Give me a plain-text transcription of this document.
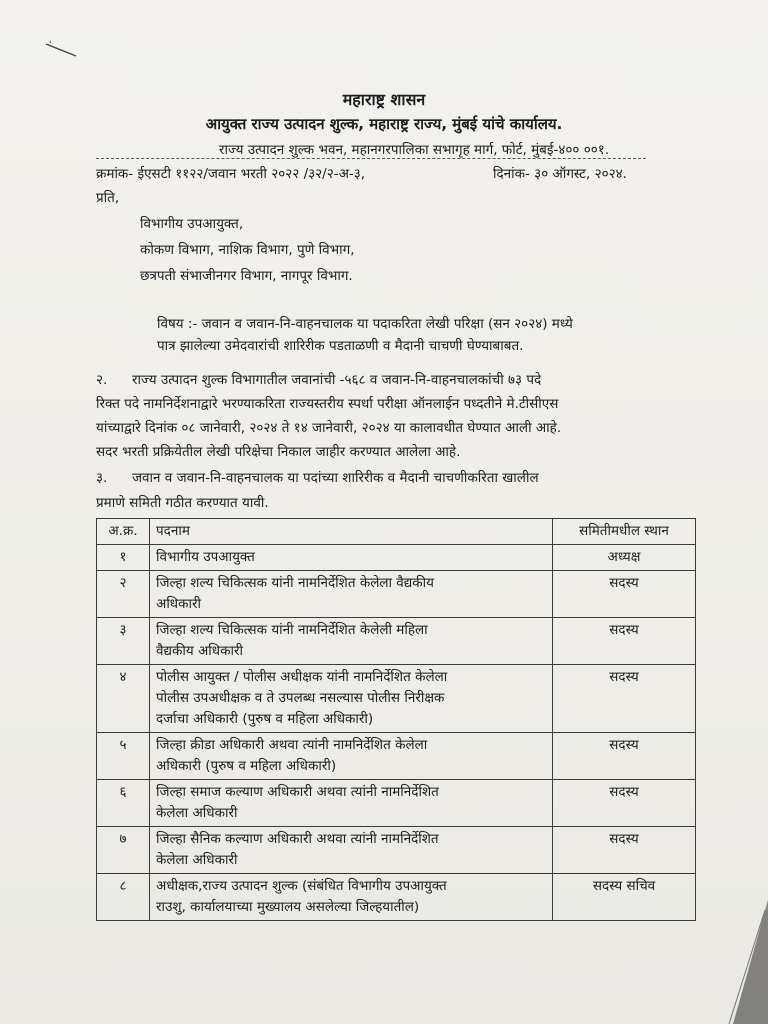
महाराष्ट्र शासन
आयुक्त राज्य उत्पादन शुल्क, महाराष्ट्र राज्य, मुंबई यांचे कार्यालय.
राज्य उत्पादन शुल्क भवन, महानगरपालिका सभागृह मार्ग, फोर्ट, मुंबई-४०० ००१.
क्रमांक- ईएसटी ११२२/जवान भरती २०२२ /३२/२-अ-३,	दिनांक- ३० ऑगस्ट, २०२४.
प्रति,
विभागीय उपआयुक्त,
कोकण विभाग, नाशिक विभाग, पुणे विभाग,
छत्रपती संभाजीनगर विभाग, नागपूर विभाग.
विषय :- जवान व जवान-नि-वाहनचालक या पदाकरिता लेखी परिक्षा (सन २०२४) मध्ये
पात्र झालेल्या उमेदवारांची शारिरीक पडताळणी व मैदानी चाचणी घेण्याबाबत.
२. राज्य उत्पादन शुल्क विभागातील जवानांची -५६८ व जवान-नि-वाहनचालकांची ७३ पदे
रिक्त पदे नामनिर्देशनाद्वारे भरण्याकरिता राज्यस्तरीय स्पर्धा परीक्षा ऑनलाईन पध्दतीने मे.टीसीएस
यांच्याद्वारे दिनांक ०८ जानेवारी, २०२४ ते १४ जानेवारी, २०२४ या कालावधीत घेण्यात आली आहे.
सदर भरती प्रक्रियेतील लेखी परिक्षेचा निकाल जाहीर करण्यात आलेला आहे.
३. जवान व जवान-नि-वाहनचालक या पदांच्या शारिरीक व मैदानी चाचणीकरिता खालील
प्रमाणे समिती गठीत करण्यात यावी.
अ.क्र.	पदनाम	समितीमधील स्थान
१	विभागीय उपआयुक्त	अध्यक्ष
२	जिल्हा शल्य चिकित्सक यांनी नामनिर्देशित केलेला वैद्यकीय
अधिकारी	सदस्य
३	जिल्हा शल्य चिकित्सक यांनी नामनिर्देशित केलेली महिला
वैद्यकीय अधिकारी	सदस्य
४	पोलीस आयुक्त / पोलीस अधीक्षक यांनी नामनिर्देशित केलेला
पोलीस उपअधीक्षक व ते उपलब्ध नसल्यास पोलीस निरीक्षक
दर्जाचा अधिकारी (पुरुष व महिला अधिकारी)	सदस्य
५	जिल्हा क्रीडा अधिकारी अथवा त्यांनी नामनिर्देशित केलेला
अधिकारी (पुरुष व महिला अधिकारी)	सदस्य
६	जिल्हा समाज कल्याण अधिकारी अथवा त्यांनी नामनिर्देशित
केलेला अधिकारी	सदस्य
७	जिल्हा सैनिक कल्याण अधिकारी अथवा त्यांनी नामनिर्देशित
केलेला अधिकारी	सदस्य
८	अधीक्षक,राज्य उत्पादन शुल्क (संबंधित विभागीय उपआयुक्त
राउशु, कार्यालयाच्या मुख्यालय असलेल्या जिल्हयातील)	सदस्य सचिव
